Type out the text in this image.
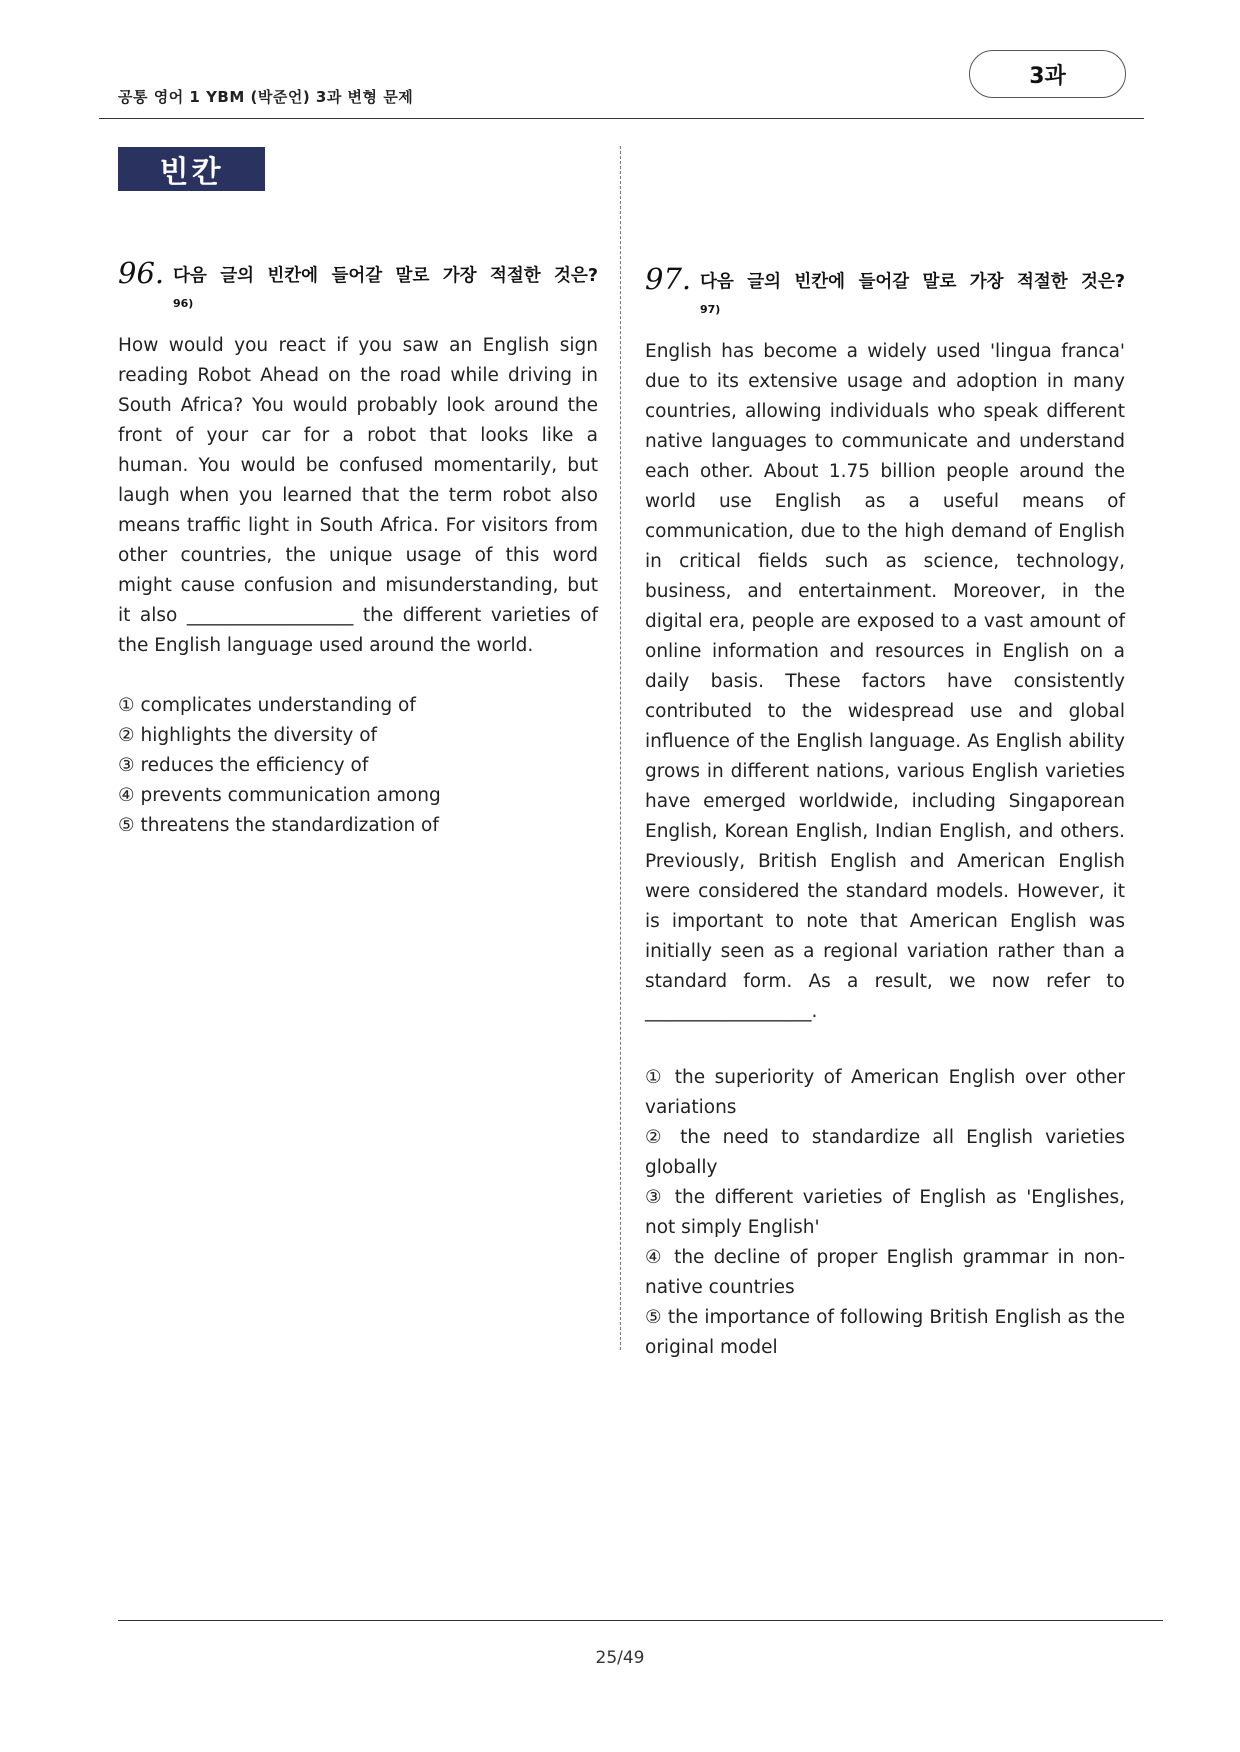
공통 영어 1 YBM (박준언) 3과 변형 문제
3과
빈칸
96. 다음 글의 빈칸에 들어갈 말로 가장 적절한 것은?$^{96)}$
How would you react if you saw an English sign reading Robot Ahead on the road while driving in South Africa? You would probably look around the front of your car for a robot that looks like a human. You would be confused momentarily, but laugh when you learned that the term robot also means traffic light in South Africa. For visitors from other countries, the unique usage of this word might cause confusion and misunderstanding, but it also __________________ the different varieties of the English language used around the world.
① complicates understanding of
② highlights the diversity of
③ reduces the efficiency of
④ prevents communication among
⑤ threatens the standardization of
97. 다음 글의 빈칸에 들어갈 말로 가장 적절한 것은?$^{97)}$
English has become a widely used 'lingua franca' due to its extensive usage and adoption in many countries, allowing individuals who speak different native languages to communicate and understand each other. About 1.75 billion people around the world use English as a useful means of communication, due to the high demand of English in critical fields such as science, technology, business, and entertainment. Moreover, in the digital era, people are exposed to a vast amount of online information and resources in English on a daily basis. These factors have consistently contributed to the widespread use and global influence of the English language. As English ability grows in different nations, various English varieties have emerged worldwide, including Singaporean English, Korean English, Indian English, and others. Previously, British English and American English were considered the standard models. However, it is important to note that American English was initially seen as a regional variation rather than a standard form. As a result, we now refer to __________________.
① the superiority of American English over other variations
② the need to standardize all English varieties globally
③ the different varieties of English as 'Englishes, not simply English'
④ the decline of proper English grammar in non-native countries
⑤ the importance of following British English as the original model
25/49
